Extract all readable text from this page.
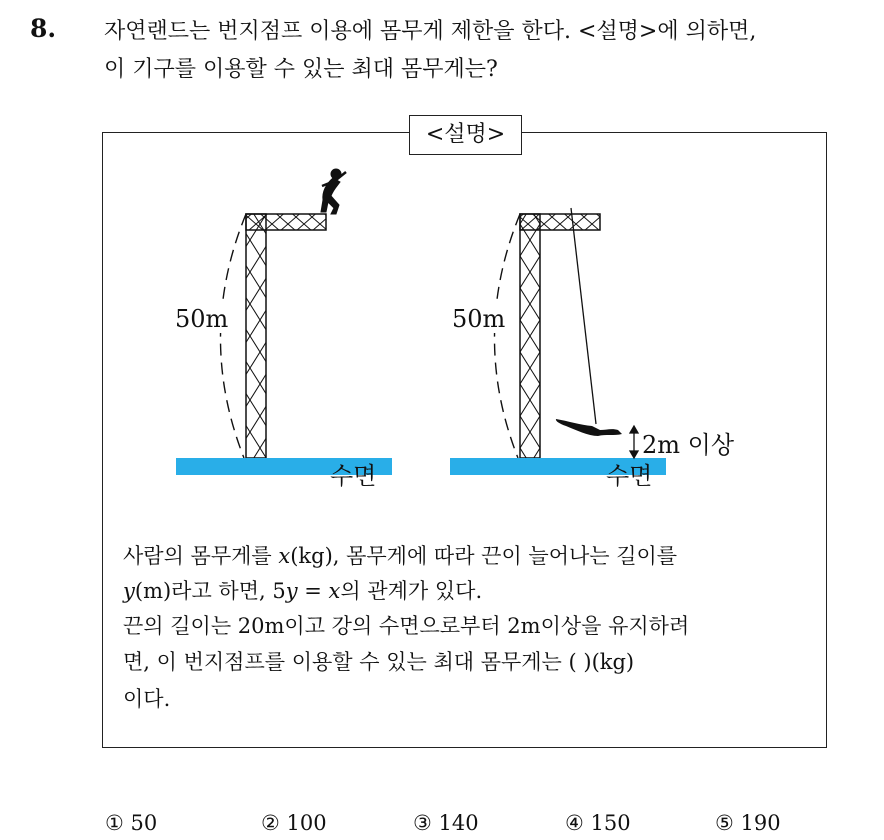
8. 자연랜드는 번지점프 이용에 몸무게 제한을 한다. <설명>에 의하면,
이 기구를 이용할 수 있는 최대 몸무게는?
<설명>
50m	50m
2m 이상
수면	수면
사람의 몸무게를 x(kg), 몸무게에 따라 끈이 늘어나는 길이를
y(m)라고 하면, 5y = x의 관계가 있다.
끈의 길이는 20m이고 강의 수면으로부터 2m이상을 유지하려
면, 이 번지점프를 이용할 수 있는 최대 몸무게는 ( )(kg)
이다.
① 50	② 100	③ 140	④ 150	⑤ 190
